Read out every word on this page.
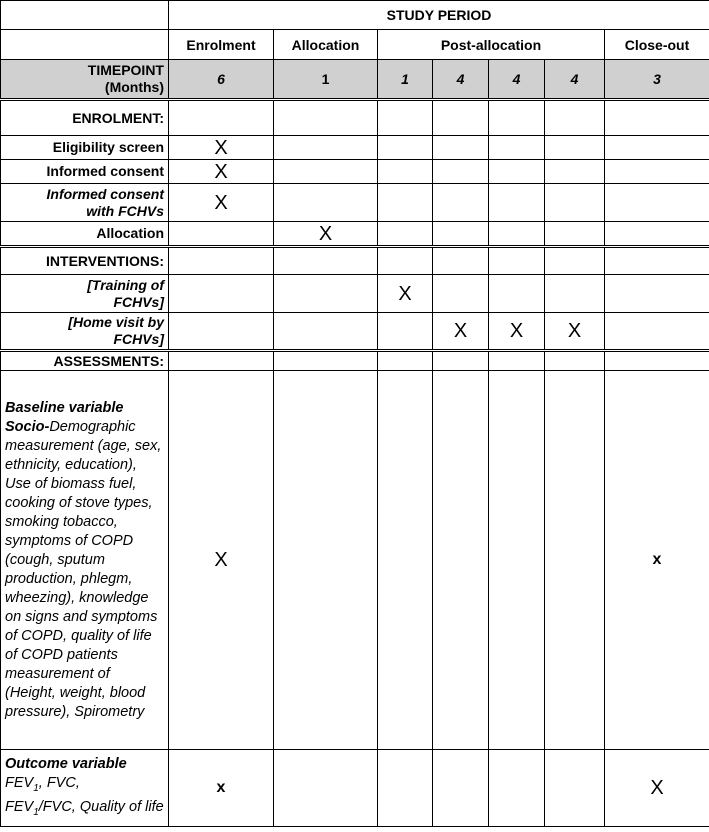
	STUDY PERIOD						
	Enrolment	Allocation	Post-allocation				Close-out
TIMEPOINT
(Months)	6	1	1	4	4	4	3
ENROLMENT:							
Eligibility screen	X						
Informed consent	X						
Informed consent
with FCHVs	X						
Allocation		X					
INTERVENTIONS:							
[Training of
FCHVs]			X				
[Home visit by
FCHVs]				X	X	X	
ASSESSMENTS:							
Baseline variable
Socio-Demographic measurement (age, sex, ethnicity, education), Use of biomass fuel, cooking of stove types, smoking tobacco, symptoms of COPD (cough, sputum production, phlegm, wheezing), knowledge on signs and symptoms of COPD, quality of life of COPD patients measurement of (Height, weight, blood pressure), Spirometry	X						x
Outcome variable
$FEV_1$, FVC,
$FEV_1$/FVC, Quality of life	x						X
